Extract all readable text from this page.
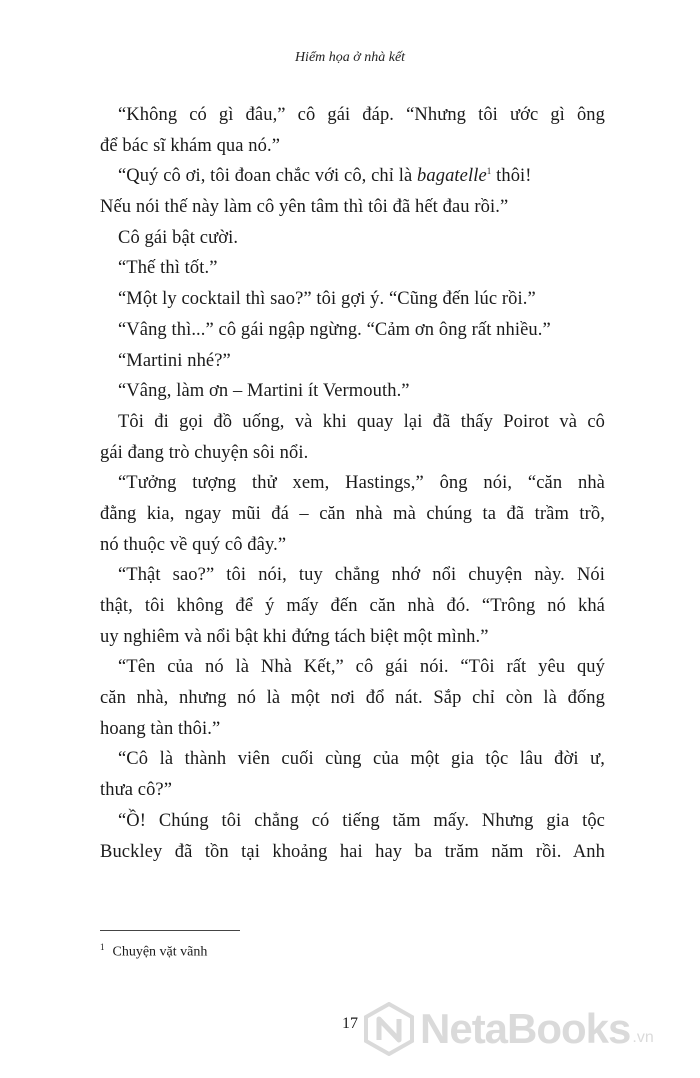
Hiểm họa ở nhà kết
“Không có gì đâu,” cô gái đáp. “Nhưng tôi ước gì ông
để bác sĩ khám qua nó.”
“Quý cô ơi, tôi đoan chắc với cô, chỉ là bagatelle$^1$ thôi!
Nếu nói thế này làm cô yên tâm thì tôi đã hết đau rồi.”
Cô gái bật cười.
“Thế thì tốt.”
“Một ly cocktail thì sao?” tôi gợi ý. “Cũng đến lúc rồi.”
“Vâng thì...” cô gái ngập ngừng. “Cảm ơn ông rất nhiều.”
“Martini nhé?”
“Vâng, làm ơn – Martini ít Vermouth.”
Tôi đi gọi đồ uống, và khi quay lại đã thấy Poirot và cô
gái đang trò chuyện sôi nổi.
“Tưởng tượng thử xem, Hastings,” ông nói, “căn nhà
đằng kia, ngay mũi đá – căn nhà mà chúng ta đã trầm trồ,
nó thuộc về quý cô đây.”
“Thật sao?” tôi nói, tuy chẳng nhớ nổi chuyện này. Nói
thật, tôi không để ý mấy đến căn nhà đó. “Trông nó khá
uy nghiêm và nổi bật khi đứng tách biệt một mình.”
“Tên của nó là Nhà Kết,” cô gái nói. “Tôi rất yêu quý
căn nhà, nhưng nó là một nơi đổ nát. Sắp chỉ còn là đống
hoang tàn thôi.”
“Cô là thành viên cuối cùng của một gia tộc lâu đời ư,
thưa cô?”
“Ồ! Chúng tôi chẳng có tiếng tăm mấy. Nhưng gia tộc
Buckley đã tồn tại khoảng hai hay ba trăm năm rồi. Anh
$^1$ Chuyện vặt vãnh
17	NetaBooks .vn
